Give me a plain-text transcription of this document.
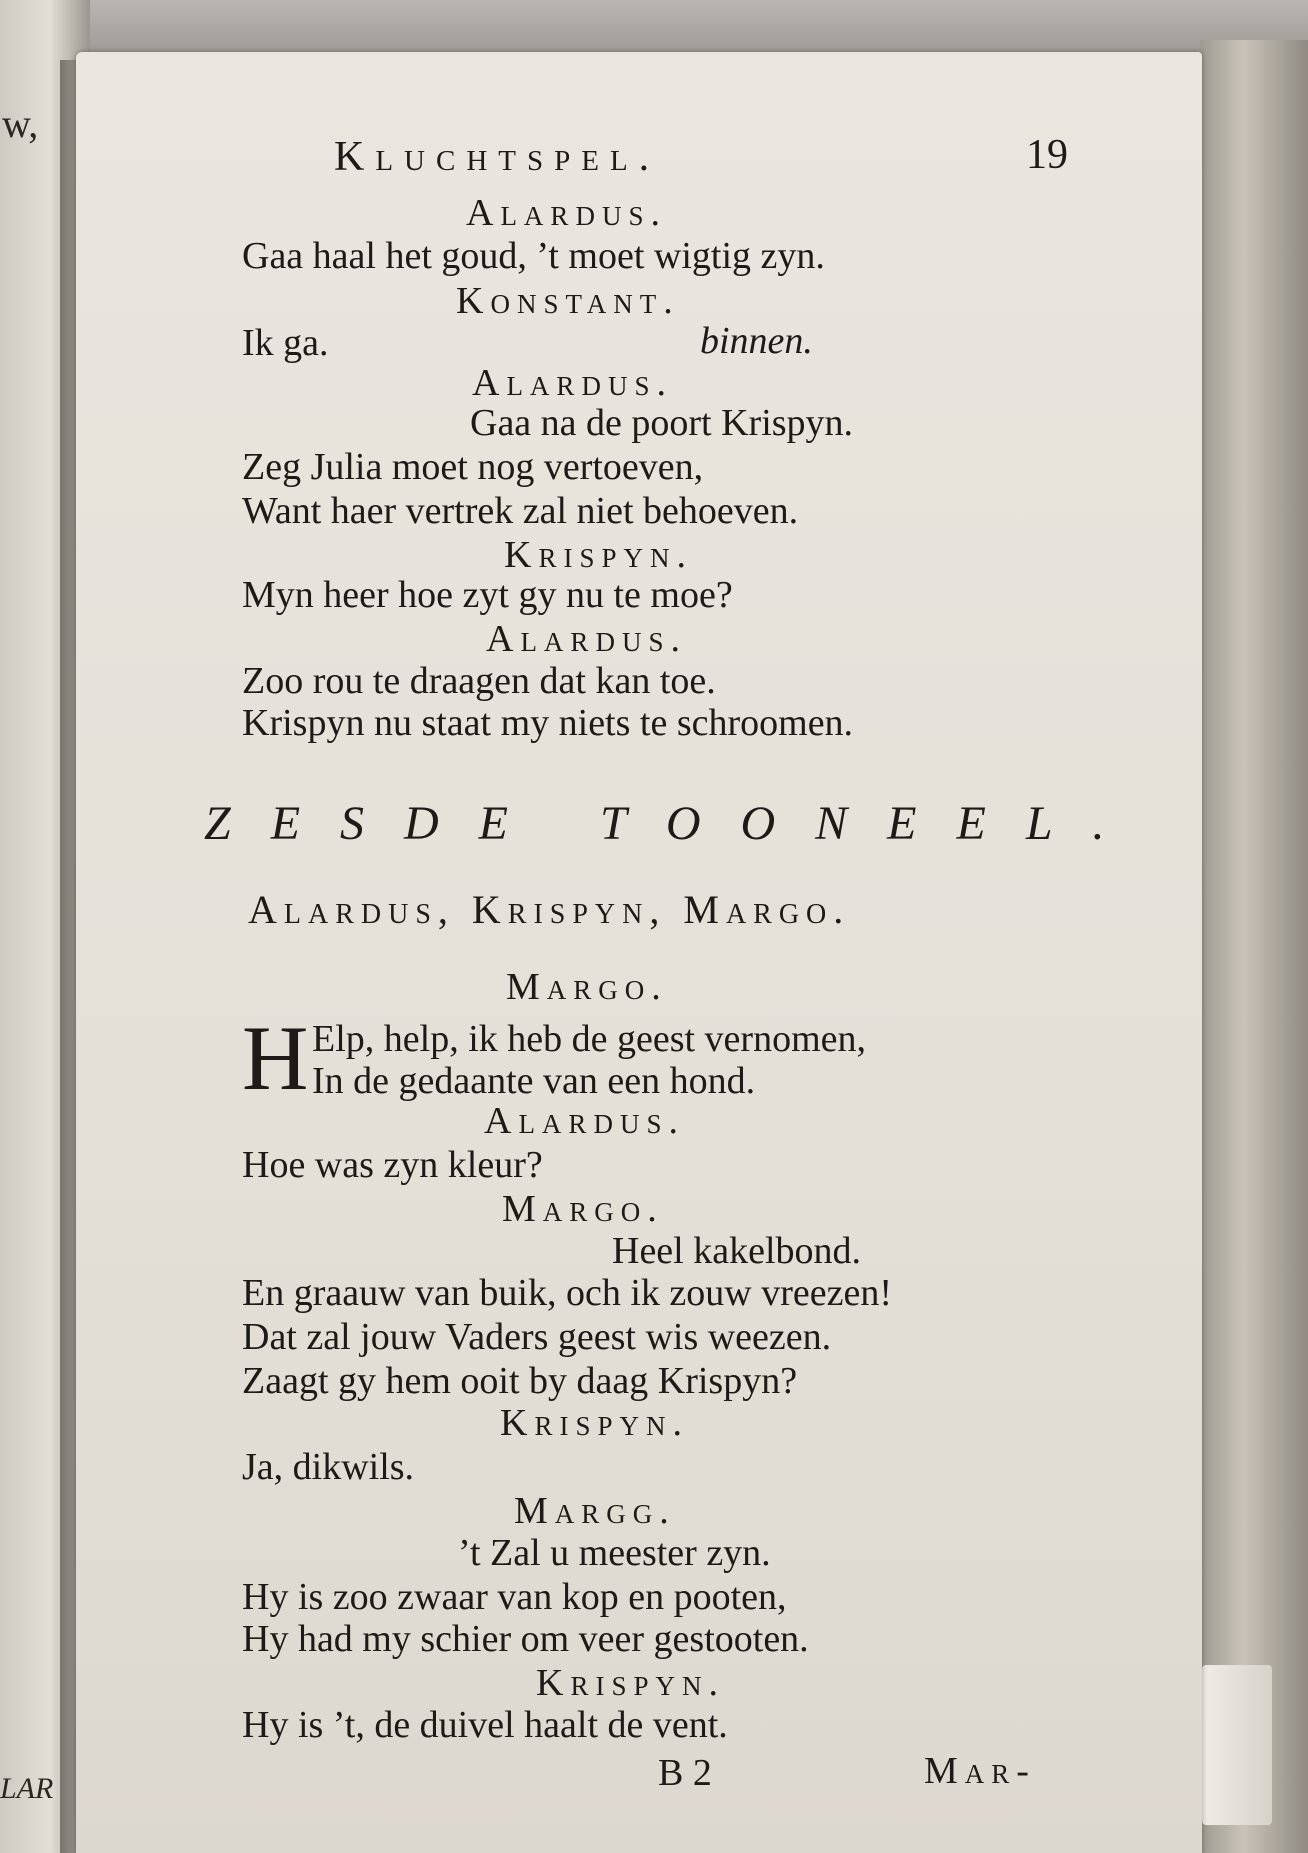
w,
LAR
Kluchtspel.	19
Alardus.
Gaa haal het goud, ’t moet wigtig zyn.
Konstant.
Ik ga.	binnen.
Alardus.
Gaa na de poort Krispyn.
Zeg Julia moet nog vertoeven,
Want haer vertrek zal niet behoeven.
Krispyn.
Myn heer hoe zyt gy nu te moe?
Alardus.
Zoo rou te draagen dat kan toe.
Krispyn nu staat my niets te schroomen.
ZESDE TOONEEL.
Alardus, Krispyn, Margo.
Margo.
H Elp, help, ik heb de geest vernomen,
In de gedaante van een hond.
Alardus.
Hoe was zyn kleur?
Margo.
Heel kakelbond.
En graauw van buik, och ik zouw vreezen!
Dat zal jouw Vaders geest wis weezen.
Zaagt gy hem ooit by daag Krispyn?
Krispyn.
Ja, dikwils.
Margg.
’t Zal u meester zyn.
Hy is zoo zwaar van kop en pooten,
Hy had my schier om veer gestooten.
Krispyn.
Hy is ’t, de duivel haalt de vent.
B 2	Mar-
